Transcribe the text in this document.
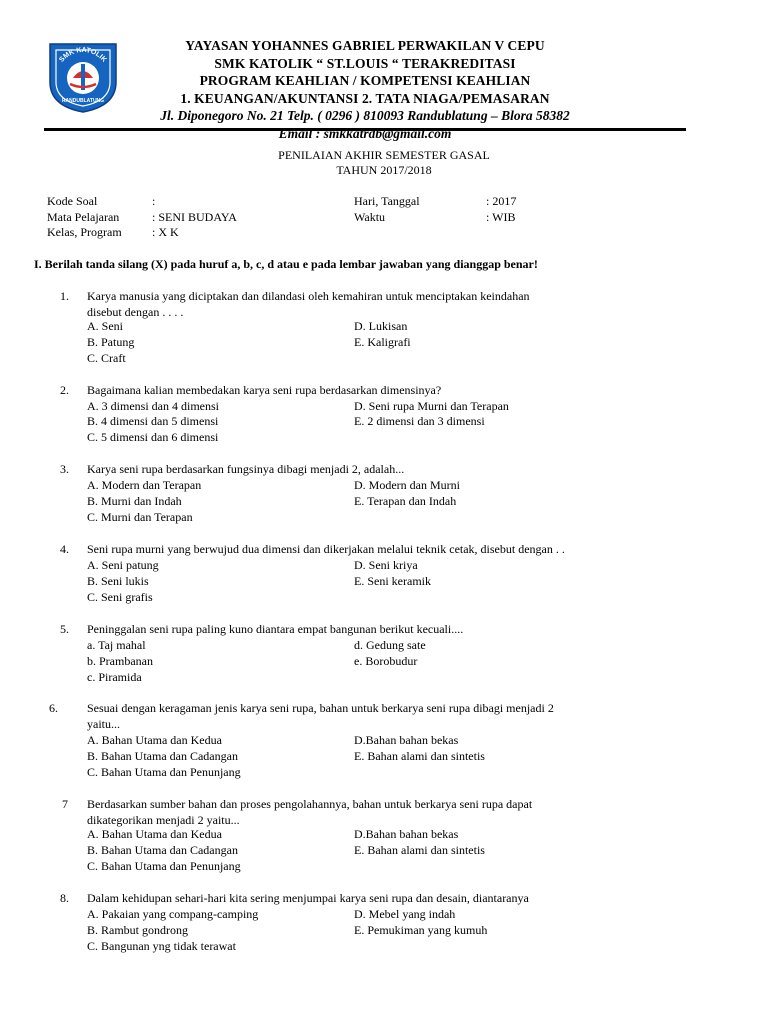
SMK KATOLIK
RANDUBLATUNG
YAYASAN YOHANNES GABRIEL PERWAKILAN V CEPU
SMK KATOLIK “ ST.LOUIS “ TERAKREDITASI
PROGRAM KEAHLIAN / KOMPETENSI KEAHLIAN
1. KEUANGAN/AKUNTANSI 2. TATA NIAGA/PEMASARAN
Jl. Diponegoro No. 21 Telp. ( 0296 ) 810093 Randublatung – Blora 58382
Email : smkkatrdb@gmail.com
PENILAIAN AKHIR SEMESTER GASAL
TAHUN 2017/2018
Kode Soal	:
Mata Pelajaran	: SENI BUDAYA
Kelas, Program	: X K
Hari, Tanggal	: 2017
Waktu	: WIB
I. Berilah tanda silang (X) pada huruf a, b, c, d atau e pada lembar jawaban yang dianggap benar!
1. Karya manusia yang diciptakan dan dilandasi oleh kemahiran untuk menciptakan keindahan
disebut dengan . . . .
A. Seni
B. Patung
C. Craft
D. Lukisan
E. Kaligrafi
2. Bagaimana kalian membedakan karya seni rupa berdasarkan dimensinya?
A. 3 dimensi dan 4 dimensi
B. 4 dimensi dan 5 dimensi
C. 5 dimensi dan 6 dimensi
D. Seni rupa Murni dan Terapan
E. 2 dimensi dan 3 dimensi
3. Karya seni rupa berdasarkan fungsinya dibagi menjadi 2, adalah...
A. Modern dan Terapan
B. Murni dan Indah
C. Murni dan Terapan
D. Modern dan Murni
E. Terapan dan Indah
4. Seni rupa murni yang berwujud dua dimensi dan dikerjakan melalui teknik cetak, disebut dengan . .
A. Seni patung
B. Seni lukis
C. Seni grafis
D. Seni kriya
E. Seni keramik
5. Peninggalan seni rupa paling kuno diantara empat bangunan berikut kecuali....
a. Taj mahal
b. Prambanan
c. Piramida
d. Gedung sate
e. Borobudur
6. Sesuai dengan keragaman jenis karya seni rupa, bahan untuk berkarya seni rupa dibagi menjadi 2
yaitu...
A. Bahan Utama dan Kedua
B. Bahan Utama dan Cadangan
C. Bahan Utama dan Penunjang
D.Bahan bahan bekas
E. Bahan alami dan sintetis
7 Berdasarkan sumber bahan dan proses pengolahannya, bahan untuk berkarya seni rupa dapat
dikategorikan menjadi 2 yaitu...
A. Bahan Utama dan Kedua
B. Bahan Utama dan Cadangan
C. Bahan Utama dan Penunjang
D.Bahan bahan bekas
E. Bahan alami dan sintetis
8. Dalam kehidupan sehari-hari kita sering menjumpai karya seni rupa dan desain, diantaranya
A. Pakaian yang compang-camping
B. Rambut gondrong
C. Bangunan yng tidak terawat
D. Mebel yang indah
E. Pemukiman yang kumuh
